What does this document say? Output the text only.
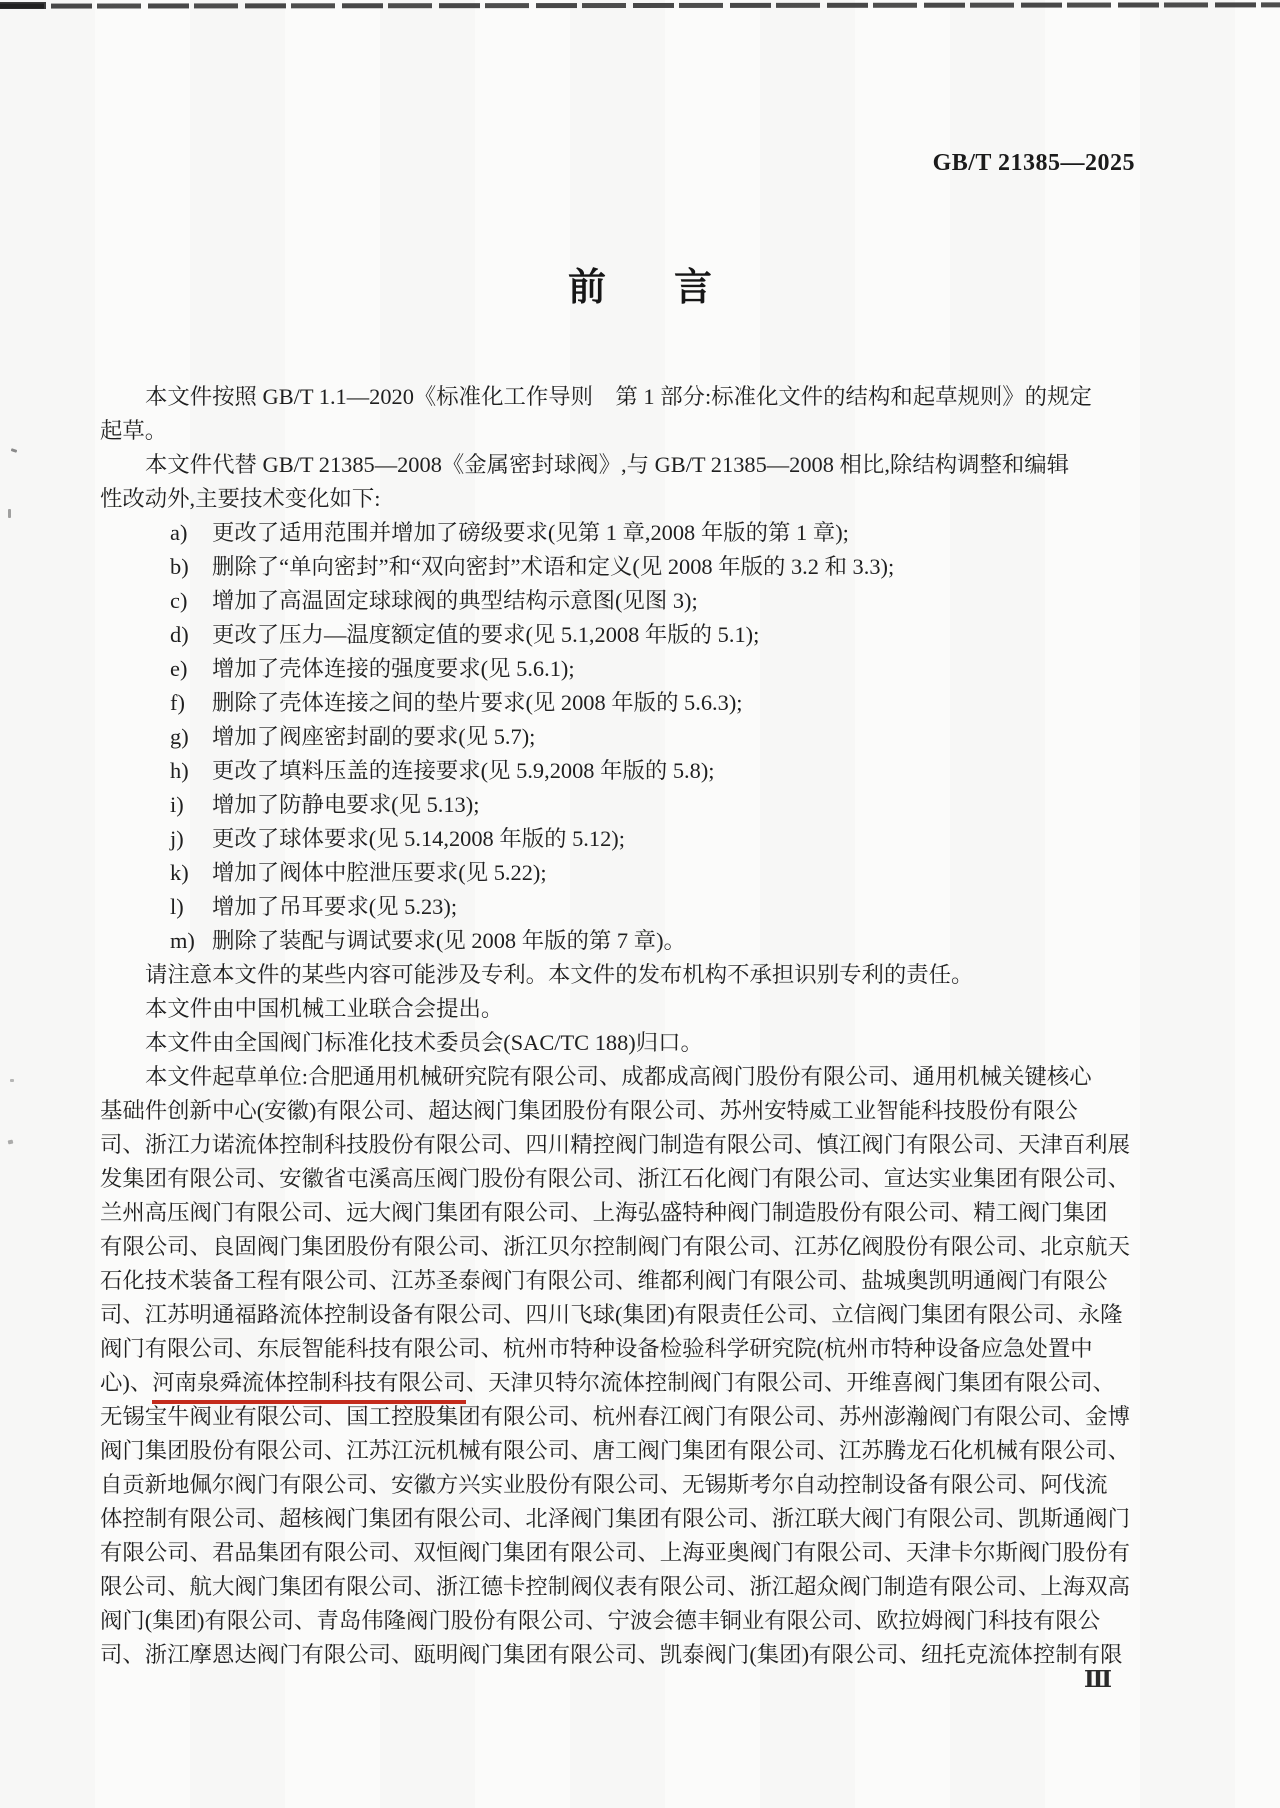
GB/T 21385—2025
前 言
本文件按照 GB/T 1.1—2020《标准化工作导则　第 1 部分:标准化文件的结构和起草规则》的规定
起草。
本文件代替 GB/T 21385—2008《金属密封球阀》,与 GB/T 21385—2008 相比,除结构调整和编辑
性改动外,主要技术变化如下:
a) 更改了适用范围并增加了磅级要求(见第 1 章,2008 年版的第 1 章);
b) 删除了“单向密封”和“双向密封”术语和定义(见 2008 年版的 3.2 和 3.3);
c) 增加了高温固定球球阀的典型结构示意图(见图 3);
d) 更改了压力—温度额定值的要求(见 5.1,2008 年版的 5.1);
e) 增加了壳体连接的强度要求(见 5.6.1);
f) 删除了壳体连接之间的垫片要求(见 2008 年版的 5.6.3);
g) 增加了阀座密封副的要求(见 5.7);
h) 更改了填料压盖的连接要求(见 5.9,2008 年版的 5.8);
i) 增加了防静电要求(见 5.13);
j) 更改了球体要求(见 5.14,2008 年版的 5.12);
k) 增加了阀体中腔泄压要求(见 5.22);
l) 增加了吊耳要求(见 5.23);
m) 删除了装配与调试要求(见 2008 年版的第 7 章)。
请注意本文件的某些内容可能涉及专利。本文件的发布机构不承担识别专利的责任。
本文件由中国机械工业联合会提出。
本文件由全国阀门标准化技术委员会(SAC/TC 188)归口。
本文件起草单位:合肥通用机械研究院有限公司、成都成高阀门股份有限公司、通用机械关键核心
基础件创新中心(安徽)有限公司、超达阀门集团股份有限公司、苏州安特威工业智能科技股份有限公
司、浙江力诺流体控制科技股份有限公司、四川精控阀门制造有限公司、慎江阀门有限公司、天津百利展
发集团有限公司、安徽省屯溪高压阀门股份有限公司、浙江石化阀门有限公司、宣达实业集团有限公司、
兰州高压阀门有限公司、远大阀门集团有限公司、上海弘盛特种阀门制造股份有限公司、精工阀门集团
有限公司、良固阀门集团股份有限公司、浙江贝尔控制阀门有限公司、江苏亿阀股份有限公司、北京航天
石化技术装备工程有限公司、江苏圣泰阀门有限公司、维都利阀门有限公司、盐城奥凯明通阀门有限公
司、江苏明通福路流体控制设备有限公司、四川飞球(集团)有限责任公司、立信阀门集团有限公司、永隆
阀门有限公司、东辰智能科技有限公司、杭州市特种设备检验科学研究院(杭州市特种设备应急处置中
心)、河南泉舜流体控制科技有限公司、天津贝特尔流体控制阀门有限公司、开维喜阀门集团有限公司、
无锡宝牛阀业有限公司、国工控股集团有限公司、杭州春江阀门有限公司、苏州澎瀚阀门有限公司、金博
阀门集团股份有限公司、江苏江沅机械有限公司、唐工阀门集团有限公司、江苏腾龙石化机械有限公司、
自贡新地佩尔阀门有限公司、安徽方兴实业股份有限公司、无锡斯考尔自动控制设备有限公司、阿伐流
体控制有限公司、超核阀门集团有限公司、北泽阀门集团有限公司、浙江联大阀门有限公司、凯斯通阀门
有限公司、君品集团有限公司、双恒阀门集团有限公司、上海亚奥阀门有限公司、天津卡尔斯阀门股份有
限公司、航大阀门集团有限公司、浙江德卡控制阀仪表有限公司、浙江超众阀门制造有限公司、上海双高
阀门(集团)有限公司、青岛伟隆阀门股份有限公司、宁波会德丰铜业有限公司、欧拉姆阀门科技有限公
司、浙江摩恩达阀门有限公司、瓯明阀门集团有限公司、凯泰阀门(集团)有限公司、纽托克流体控制有限
Ⅲ
